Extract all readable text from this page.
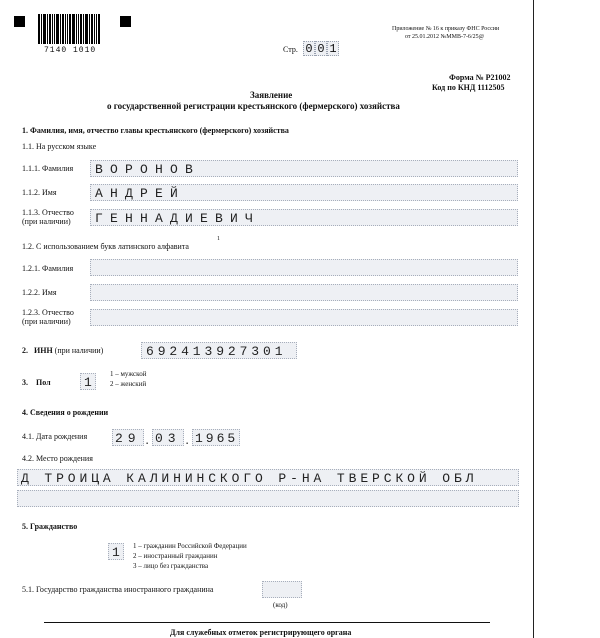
7140 1010
Приложение № 16 к приказу ФНС России
от 25.01.2012 №ММВ-7-6/25@
Стр. 0 0 1
Форма № Р21002
Код по КНД 1112505
Заявление
о государственной регистрации крестьянского (фермерского) хозяйства
1. Фамилия, имя, отчество главы крестьянского (фермерского) хозяйства
1.1. На русском языке
1.1.1. Фамилия ВОРОНОВ
1.1.2. Имя	АНДРЕЙ
1.1.3. Отчество
(при наличии) ГЕННАДИЕВИЧ
1.2. С использованием букв латинского алфавита
1
1.2.1. Фамилия
1.2.2. Имя
1.2.3. Отчество
(при наличии)
2. ИНН (при наличии)	692413927301
3. Пол	1
1 – мужской
2 – женский
4. Сведения о рождении
4.1. Дата рождения 29 . 03 . 1965
4.2. Место рождения
Д ТРОИЦА КАЛИНИНСКОГО Р-НА ТВЕРСКОЙ ОБЛ
5. Гражданство
1 1 – гражданин Российской Федерации
2 – иностранный гражданин
3 – лицо без гражданства
5.1. Государство гражданства иностранного гражданина
(код)
Для служебных отметок регистрирующего органа
